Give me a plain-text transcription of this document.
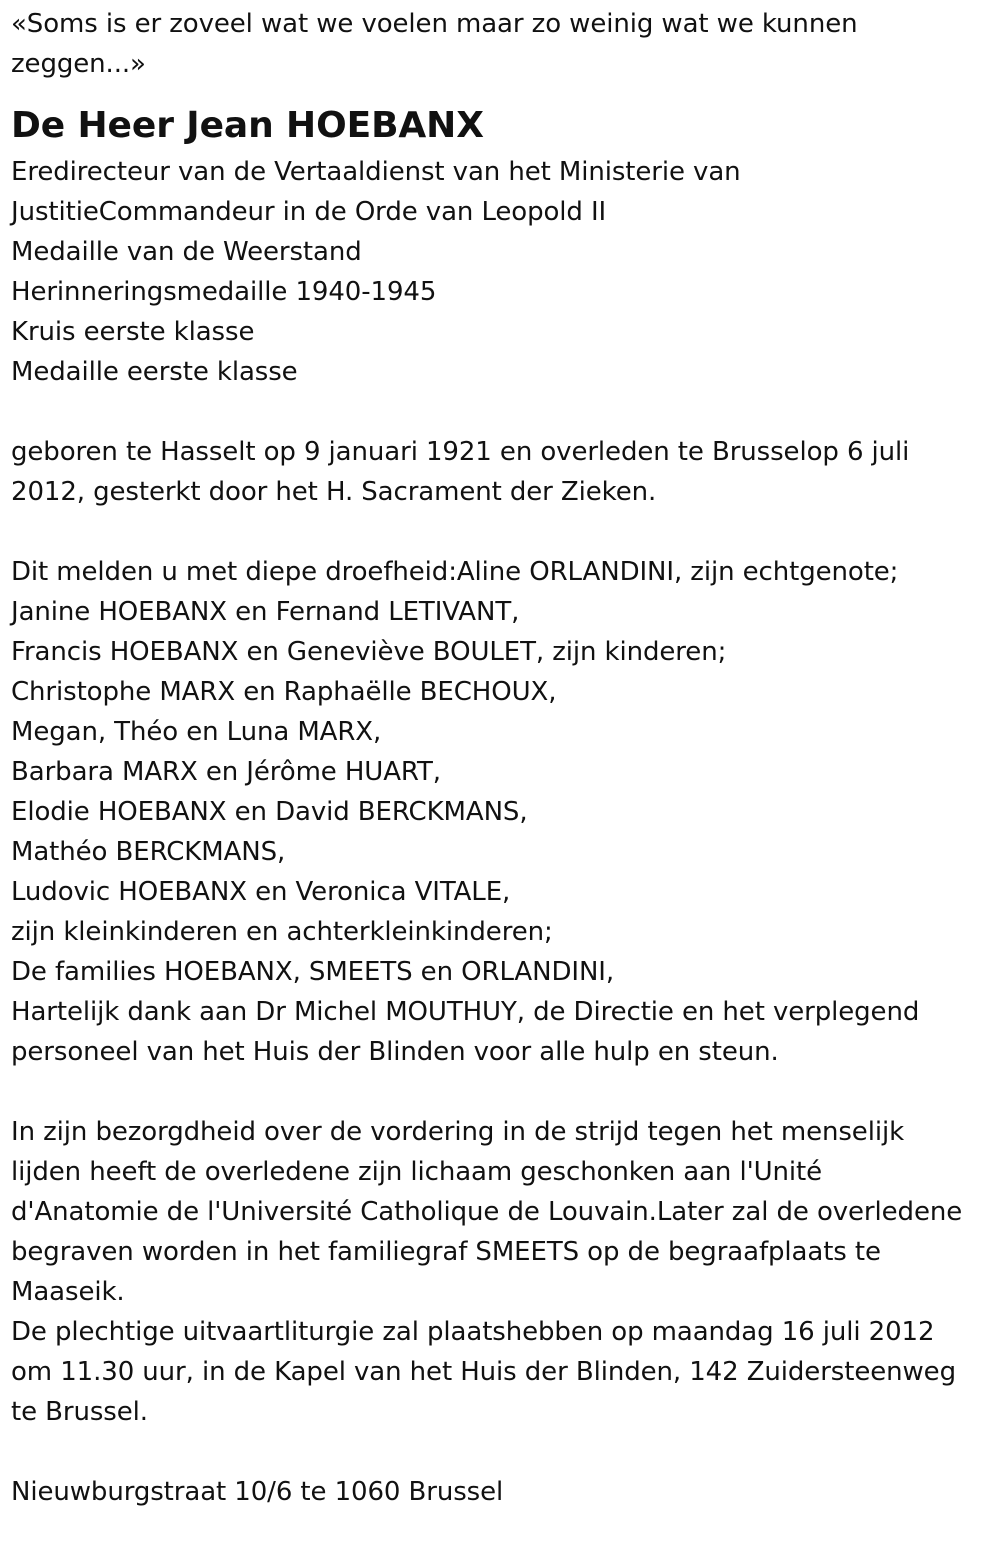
«Soms is er zoveel wat we voelen maar zo weinig wat we kunnen
zeggen...»
De Heer Jean HOEBANX
Eredirecteur van de Vertaaldienst van het Ministerie van
JustitieCommandeur in de Orde van Leopold II
Medaille van de Weerstand
Herinneringsmedaille 1940-1945
Kruis eerste klasse
Medaille eerste klasse
geboren te Hasselt op 9 januari 1921 en overleden te Brusselop 6 juli
2012, gesterkt door het H. Sacrament der Zieken.
Dit melden u met diepe droefheid:Aline ORLANDINI, zijn echtgenote;
Janine HOEBANX en Fernand LETIVANT,
Francis HOEBANX en Geneviève BOULET, zijn kinderen;
Christophe MARX en Raphaëlle BECHOUX,
Megan, Théo en Luna MARX,
Barbara MARX en Jérôme HUART,
Elodie HOEBANX en David BERCKMANS,
Mathéo BERCKMANS,
Ludovic HOEBANX en Veronica VITALE,
zijn kleinkinderen en achterkleinkinderen;
De families HOEBANX, SMEETS en ORLANDINI,
Hartelijk dank aan Dr Michel MOUTHUY, de Directie en het verplegend
personeel van het Huis der Blinden voor alle hulp en steun.
In zijn bezorgdheid over de vordering in de strijd tegen het menselijk
lijden heeft de overledene zijn lichaam geschonken aan l'Unité
d'Anatomie de l'Université Catholique de Louvain.Later zal de overledene
begraven worden in het familiegraf SMEETS op de begraafplaats te
Maaseik.
De plechtige uitvaartliturgie zal plaatshebben op maandag 16 juli 2012
om 11.30 uur, in de Kapel van het Huis der Blinden, 142 Zuidersteenweg
te Brussel.
Nieuwburgstraat 10/6 te 1060 Brussel
